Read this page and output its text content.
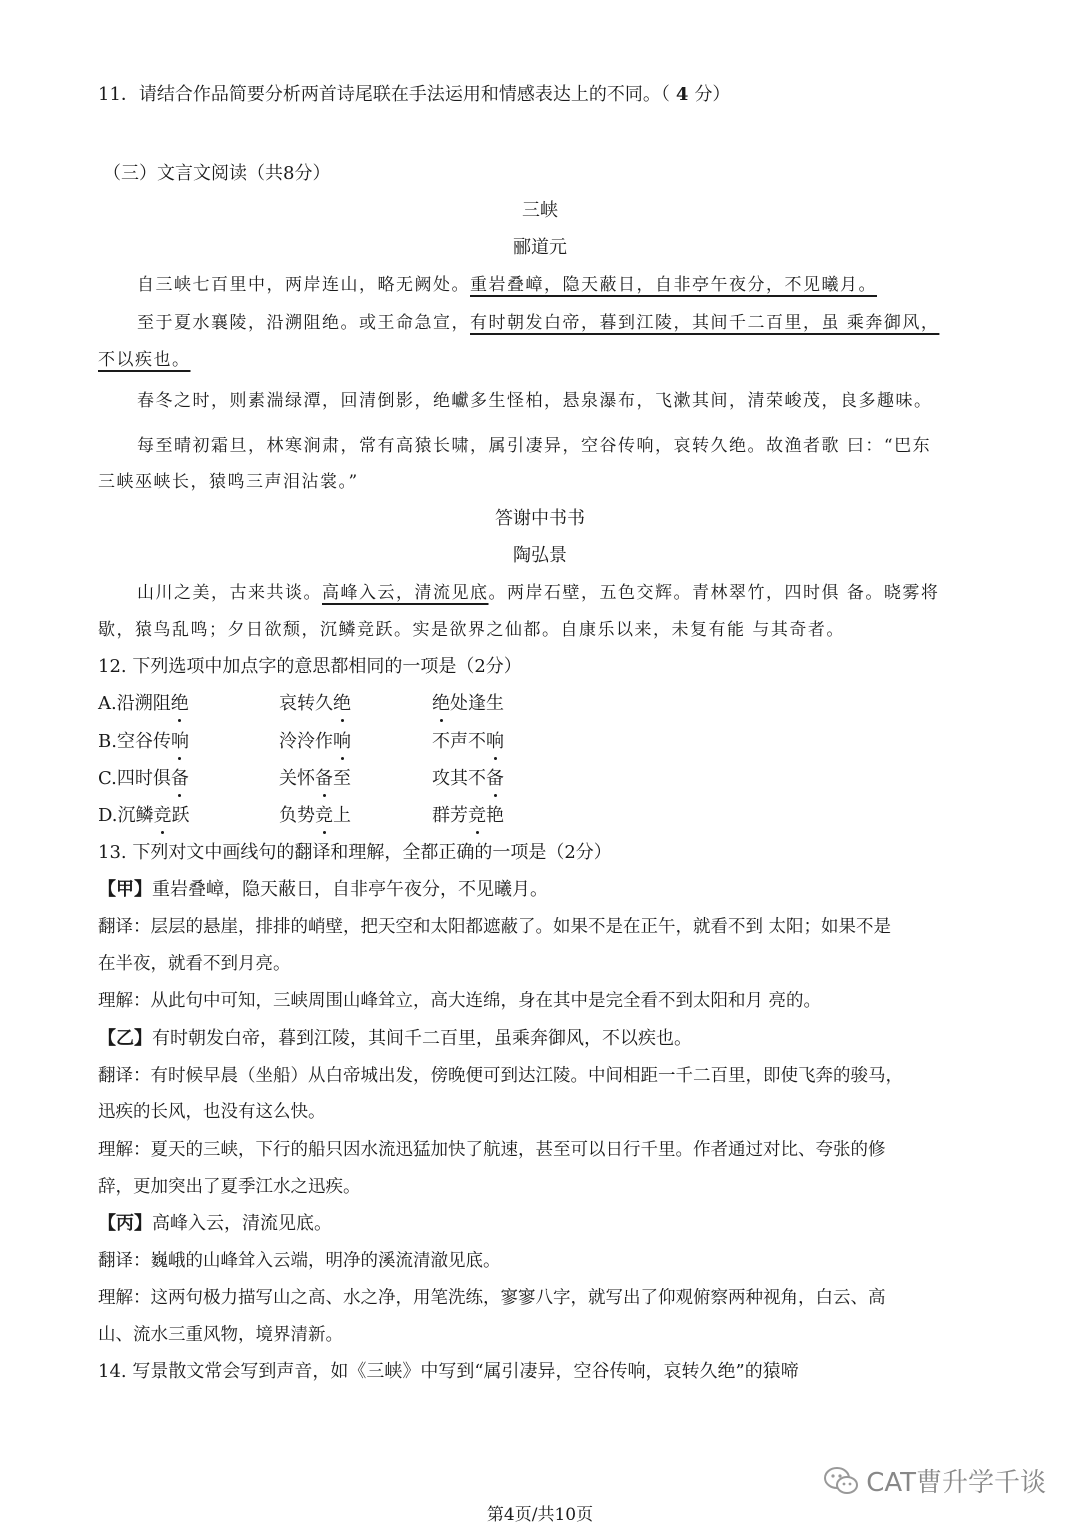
11．请结合作品简要分析两首诗尾联在手法运用和情感表达上的不同。（ 4 分）
（三）文言文阅读（共8分）
三峡
郦道元
自三峡七百里中，两岸连山，略无阙处。重岩叠嶂，隐天蔽日，自非亭午夜分，不见曦月。
至于夏水襄陵，沿溯阻绝。或王命急宣，有时朝发白帝，暮到江陵，其间千二百里，虽 乘奔御风，
不以疾也。
春冬之时，则素湍绿潭，回清倒影，绝巘多生怪柏，悬泉瀑布，飞漱其间，清荣峻茂，良多趣味。
每至晴初霜旦，林寒涧肃，常有高猿长啸，属引凄异，空谷传响，哀转久绝。故渔者歌 曰：“巴东
三峡巫峡长，猿鸣三声泪沾裳。”
答谢中书书
陶弘景
山川之美，古来共谈。高峰入云，清流见底。两岸石壁，五色交辉。青林翠竹，四时俱 备。晓雾将
歇，猿鸟乱鸣；夕日欲颓，沉鳞竞跃。实是欲界之仙都。自康乐以来，未复有能 与其奇者。
12. 下列选项中加点字的意思都相同的一项是（2分）
A.沿溯阻绝	哀转久绝	绝处逢生
B.空谷传响	泠泠作响	不声不响
C.四时俱备	关怀备至	攻其不备
D.沉鳞竞跃	负势竞上	群芳竞艳
13. 下列对文中画线句的翻译和理解，全都正确的一项是（2分）
【甲】重岩叠嶂，隐天蔽日，自非亭午夜分，不见曦月。
翻译：层层的悬崖，排排的峭壁，把天空和太阳都遮蔽了。如果不是在正午，就看不到 太阳；如果不是
在半夜，就看不到月亮。
理解：从此句中可知，三峡周围山峰耸立，高大连绵，身在其中是完全看不到太阳和月 亮的。
【乙】有时朝发白帝，暮到江陵，其间千二百里，虽乘奔御风，不以疾也。
翻译：有时候早晨（坐船）从白帝城出发，傍晚便可到达江陵。中间相距一千二百里，即使飞奔的骏马，
迅疾的长风，也没有这么快。
理解：夏天的三峡，下行的船只因水流迅猛加快了航速，甚至可以日行千里。作者通过对比、夸张的修
辞，更加突出了夏季江水之迅疾。
【丙】高峰入云，清流见底。
翻译：巍峨的山峰耸入云端，明净的溪流清澈见底。
理解：这两句极力描写山之高、水之净，用笔洗练，寥寥八字，就写出了仰观俯察两种视角，白云、高
山、流水三重风物，境界清新。
14. 写景散文常会写到声音，如《三峡》中写到“属引凄异，空谷传响，哀转久绝”的猿啼
CAT曹升学千谈
第4页/共10页
